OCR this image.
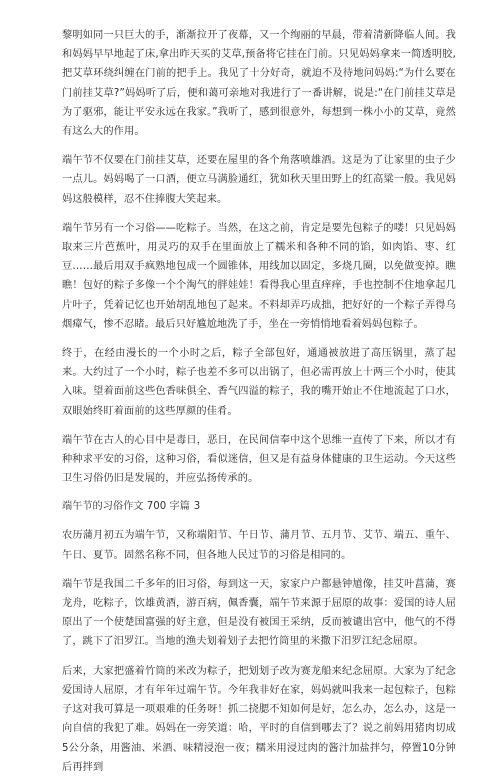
黎明如同一只巨大的手，渐渐拉开了夜幕，又一个绚丽的早晨，带着清新降临人间。我和妈妈早早地起了床,拿出昨天买的艾草,预备将它挂在门前。只见妈妈拿来一简透明胶,把艾草环绕纠缠在门前的把手上。我见了十分好奇，就迫不及待地问妈妈:“为什么要在门前挂艾草?”妈妈听了后，便和蔼可亲地对我进行了一番讲解，说是:“在门前挂艾草是为了驱邪，能让平安永远在我家。”我听了，感到很意外，每想到一株小小的艾草，竟然有这么大的作用。

端午节不仅要在门前挂艾草，还要在屋里的各个角落喷雄酒。这是为了让家里的虫子少一点儿。妈妈喝了一口酒，便立马满脸通红，犹如秋天里田野上的红高粱一般。我见妈妈这般模样，忍不住捧腹大笑起来。

端午节另有一个习俗——吃粽子。当然，在这之前，肯定是要先包粽子的喽！只见妈妈取来三片芭蕉叶，用灵巧的双手在里面放上了糯米和各种不同的馅，如肉馅、枣、红豆……最后用双手疯熟地包成一个圆锥体，用线加以固定，多烧几圈，以免做变掉。瞧瞧！包好的粽子多像一个个淘气的胖娃娃！看得我心里直痒痒，手也控制不住地拿起几片叶子，凭着记忆也开始胡乱地包了起来。不料却弄巧成拙，把好好的一个粽子弄得乌烟瘴气，惨不忍睹。最后只好尴尬地洗了手，坐在一旁悄悄地看着妈妈包粽子。

终于，在经由漫长的一个小时之后，粽子全部包好，通通被放进了高压锅里，蒸了起来。大约过了一个小时，粽子也差不多可以出锅了，但必需再放上十两三个小时，使其入味。望着面前这些色香味俱全、香气四溢的粽子，我的嘴开始止不住地流起了口水，双眼始终盯着面前的这些厚颜的佳肴。

端午节在古人的心目中是毒日，恶日，在民间信奉中这个思维一直传了下来，所以才有种种求平安的习俗，这种习俗，看似迷信，但又是有益身体健康的卫生运动。今天这些卫生习俗仍旧是发展的，并应弘扬传承的。

端午节的习俗作文 700 字篇 3

农历蒲月初五为端午节，又称端阳节、午日节、蒲月节、五月节、艾节、端五、重午、午日、夏节。固然名称不同，但各地人民过节的习俗是相同的。

端午节是我国二千多年的旧习俗，每到这一天，家家户户都悬钟馗像，挂艾叶菖蒲，赛龙舟，吃粽子，饮雄黄酒，游百病，佩香囊，端午节来源于屈原的故事：爱国的诗人屈原出了一个使楚国富强的好主意，但是没有被国王采纳，反而被谴出宫中，他气的不得了，跳下了汨罗江。当地的渔夫划着划子去把竹筒里的米撒下汨罗江纪念屈原。

后来，大家把盛着竹筒的米改为粽子，把划划子改为赛龙船来纪念屈原。大家为了纪念爱国诗人屈原，才有年年过端午节。今年我非好在家，妈妈就叫我来一起包粽子，包粽子这对我可算是一项艰难的任务呀！抓二挠腮不知如何是好，怎么办，怎么办，这是一向自信的我犯了难。妈妈在一旁笑道：哈，平时的自信到哪去了？说之前妈用猪肉切成5公分条，用酱油、米酒、味精浸泡一夜；糯米用浸过肉的酱汁加盐拌匀，停置10分钟后再拌到
